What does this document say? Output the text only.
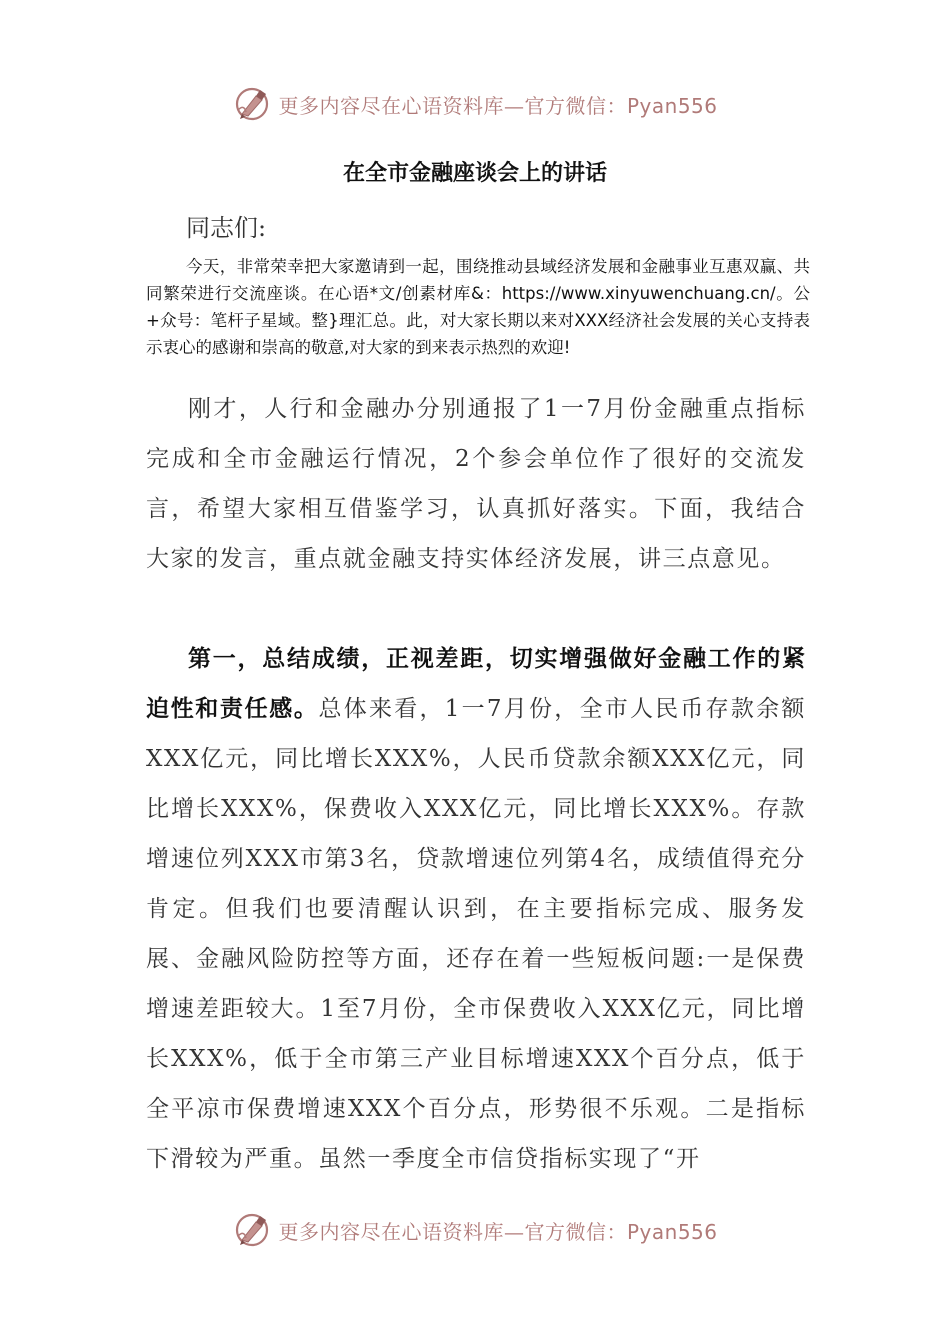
更多内容尽在心语资料库—官方微信：Pyan556
在全市金融座谈会上的讲话
同志们:
今天，非常荣幸把大家邀请到一起，围绕推动县域经济发展和金融事业互惠双赢、共同繁荣进行交流座谈。在心语*文/创素材库&：https://www.xinyuwenchuang.cn/。公+众号：笔杆子星域。整}理汇总。此，对大家长期以来对XXX经济社会发展的关心支持表示衷心的感谢和崇高的敬意,对大家的到来表示热烈的欢迎!
刚才，人行和金融办分别通报了1一7月份金融重点指标完成和全市金融运行情况，2个参会单位作了很好的交流发言，希望大家相互借鉴学习，认真抓好落实。下面，我结合大家的发言，重点就金融支持实体经济发展，讲三点意见。
第一，总结成绩，正视差距，切实增强做好金融工作的紧迫性和责任感。总体来看，1一7月份，全市人民币存款余额XXX亿元，同比增长XXX%，人民币贷款余额XXX亿元，同比增长XXX%，保费收入XXX亿元，同比增长XXX%。存款增速位列XXX市第3名，贷款增速位列第4名，成绩值得充分肯定。但我们也要清醒认识到，在主要指标完成、服务发展、金融风险防控等方面，还存在着一些短板问题:一是保费增速差距较大。1至7月份，全市保费收入XXX亿元，同比增长XXX%，低于全市第三产业目标增速XXX个百分点，低于全平凉市保费增速XXX个百分点，形势很不乐观。二是指标下滑较为严重。虽然一季度全市信贷指标实现了“开
更多内容尽在心语资料库—官方微信：Pyan556
